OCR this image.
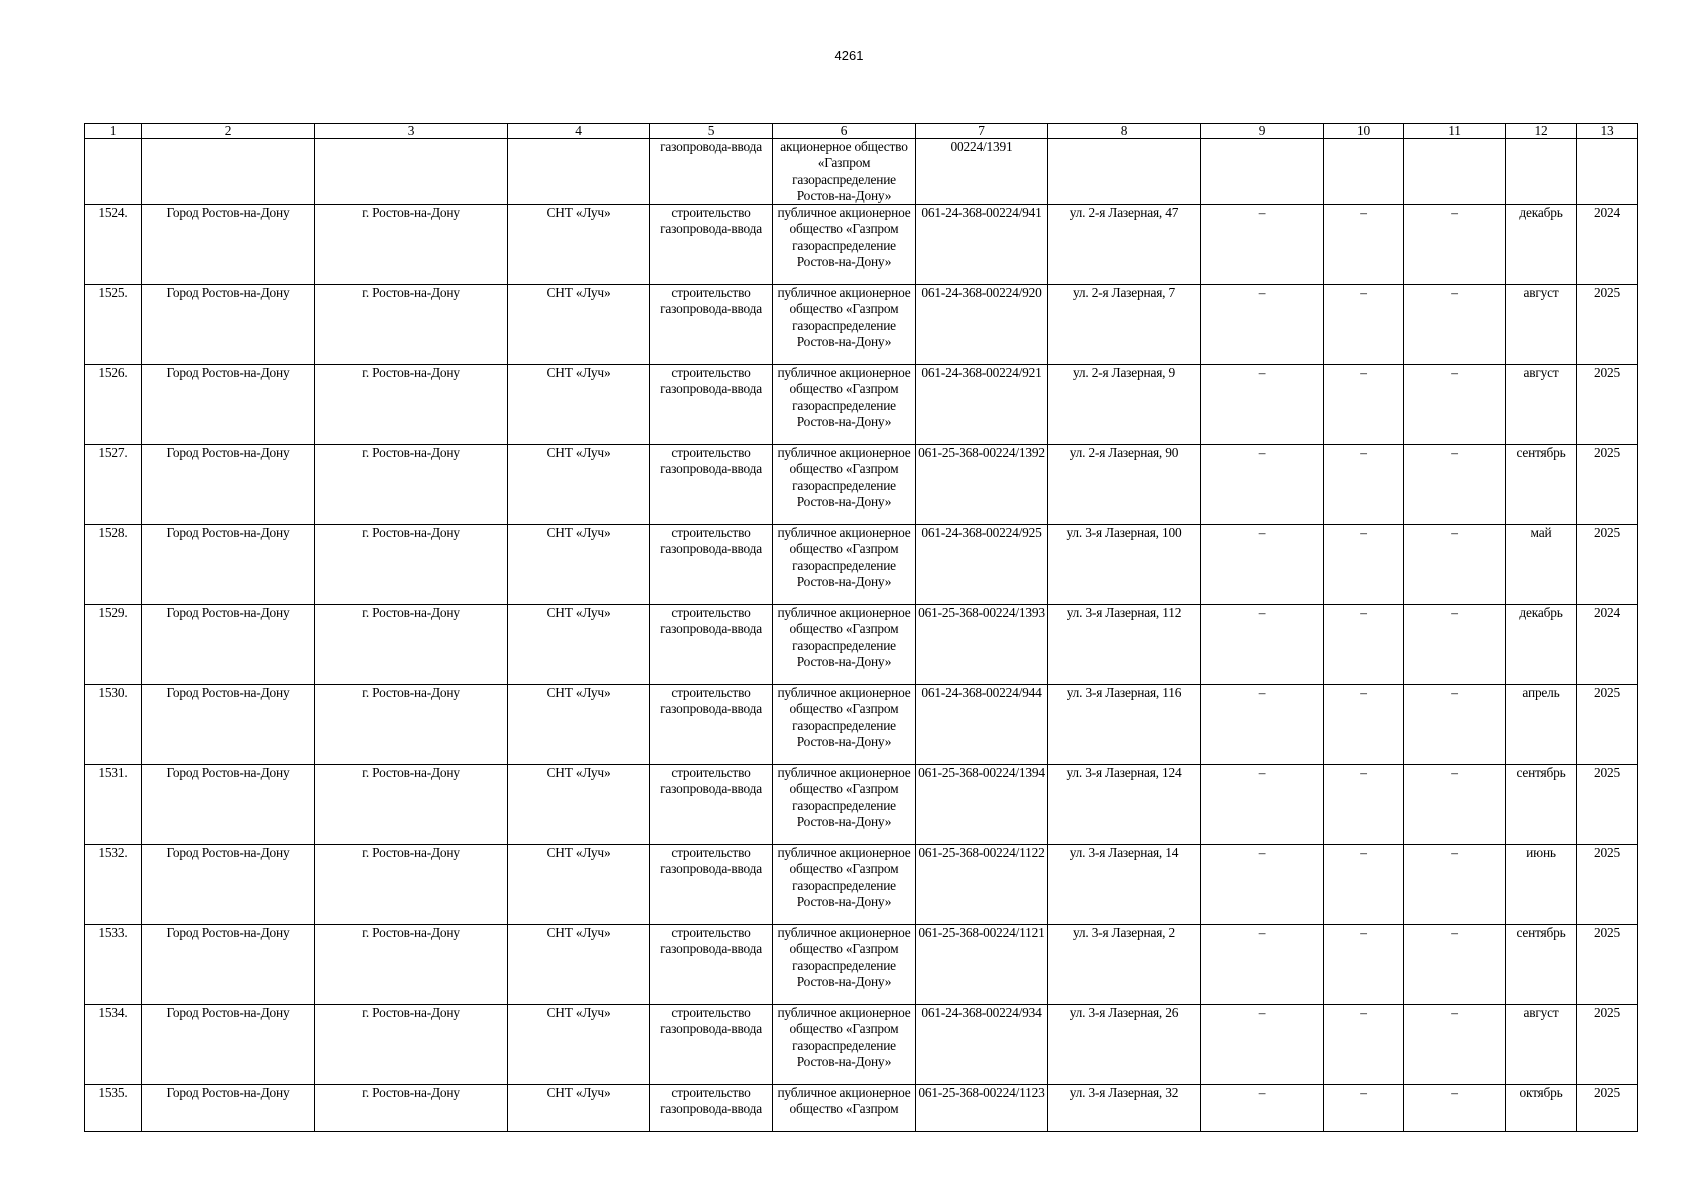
4261
1	2	3	4	5	6	7	8	9	10	11	12	13
				газопровода-ввода	акционерное общество «Газпром газораспределение Ростов-на-Дону»	00224/1391						
1524.	Город Ростов-на-Дону	г. Ростов-на-Дону	СНТ «Луч»	строительство газопровода-ввода	публичное акционерное общество «Газпром газораспределение Ростов-на-Дону»	061-24-368-00224/941	ул. 2-я Лазерная, 47	–	–	–	декабрь	2024
1525.	Город Ростов-на-Дону	г. Ростов-на-Дону	СНТ «Луч»	строительство газопровода-ввода	публичное акционерное общество «Газпром газораспределение Ростов-на-Дону»	061-24-368-00224/920	ул. 2-я Лазерная, 7	–	–	–	август	2025
1526.	Город Ростов-на-Дону	г. Ростов-на-Дону	СНТ «Луч»	строительство газопровода-ввода	публичное акционерное общество «Газпром газораспределение Ростов-на-Дону»	061-24-368-00224/921	ул. 2-я Лазерная, 9	–	–	–	август	2025
1527.	Город Ростов-на-Дону	г. Ростов-на-Дону	СНТ «Луч»	строительство газопровода-ввода	публичное акционерное общество «Газпром газораспределение Ростов-на-Дону»	061-25-368-00224/1392	ул. 2-я Лазерная, 90	–	–	–	сентябрь	2025
1528.	Город Ростов-на-Дону	г. Ростов-на-Дону	СНТ «Луч»	строительство газопровода-ввода	публичное акционерное общество «Газпром газораспределение Ростов-на-Дону»	061-24-368-00224/925	ул. 3-я Лазерная, 100	–	–	–	май	2025
1529.	Город Ростов-на-Дону	г. Ростов-на-Дону	СНТ «Луч»	строительство газопровода-ввода	публичное акционерное общество «Газпром газораспределение Ростов-на-Дону»	061-25-368-00224/1393	ул. 3-я Лазерная, 112	–	–	–	декабрь	2024
1530.	Город Ростов-на-Дону	г. Ростов-на-Дону	СНТ «Луч»	строительство газопровода-ввода	публичное акционерное общество «Газпром газораспределение Ростов-на-Дону»	061-24-368-00224/944	ул. 3-я Лазерная, 116	–	–	–	апрель	2025
1531.	Город Ростов-на-Дону	г. Ростов-на-Дону	СНТ «Луч»	строительство газопровода-ввода	публичное акционерное общество «Газпром газораспределение Ростов-на-Дону»	061-25-368-00224/1394	ул. 3-я Лазерная, 124	–	–	–	сентябрь	2025
1532.	Город Ростов-на-Дону	г. Ростов-на-Дону	СНТ «Луч»	строительство газопровода-ввода	публичное акционерное общество «Газпром газораспределение Ростов-на-Дону»	061-25-368-00224/1122	ул. 3-я Лазерная, 14	–	–	–	июнь	2025
1533.	Город Ростов-на-Дону	г. Ростов-на-Дону	СНТ «Луч»	строительство газопровода-ввода	публичное акционерное общество «Газпром газораспределение Ростов-на-Дону»	061-25-368-00224/1121	ул. 3-я Лазерная, 2	–	–	–	сентябрь	2025
1534.	Город Ростов-на-Дону	г. Ростов-на-Дону	СНТ «Луч»	строительство газопровода-ввода	публичное акционерное общество «Газпром газораспределение Ростов-на-Дону»	061-24-368-00224/934	ул. 3-я Лазерная, 26	–	–	–	август	2025
1535.	Город Ростов-на-Дону	г. Ростов-на-Дону	СНТ «Луч»	строительство газопровода-ввода	публичное акционерное общество «Газпром	061-25-368-00224/1123	ул. 3-я Лазерная, 32	–	–	–	октябрь	2025
